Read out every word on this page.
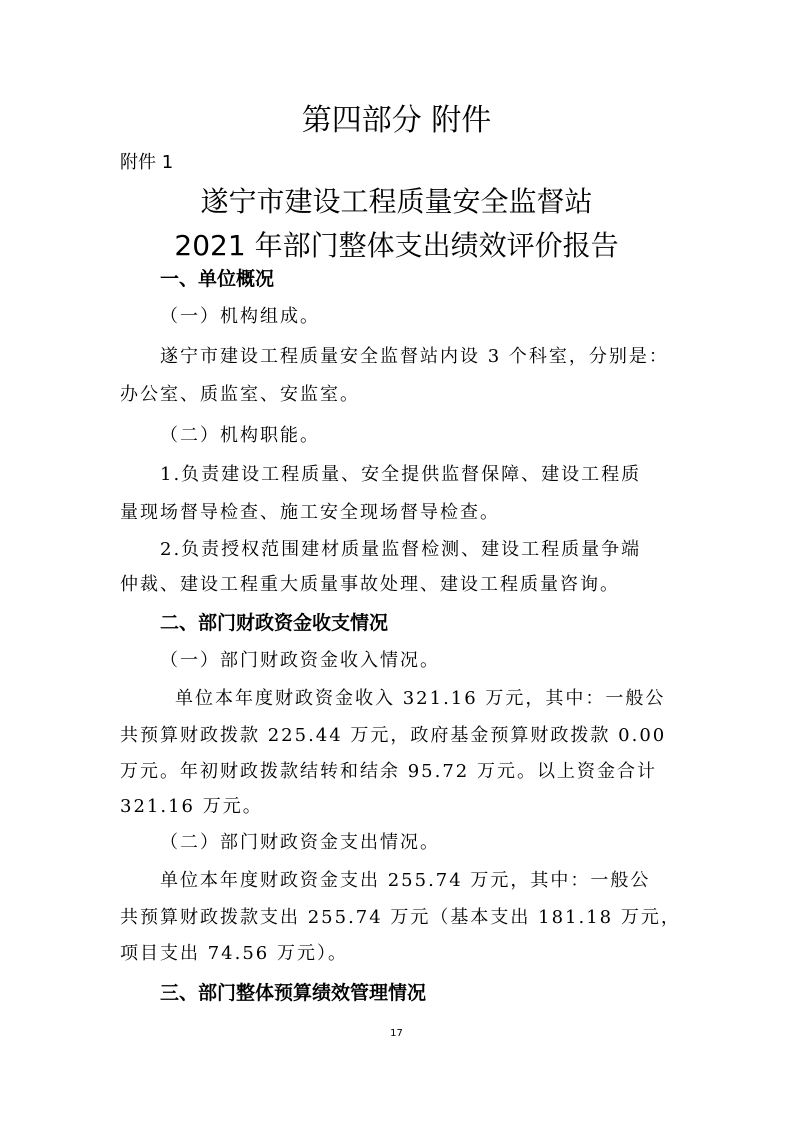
第四部分 附件
附件 1
遂宁市建设工程质量安全监督站
2021 年部门整体支出绩效评价报告
一、单位概况
（一）机构组成。
遂宁市建设工程质量安全监督站内设 3 个科室，分别是：
办公室、质监室、安监室。
（二）机构职能。
1.负责建设工程质量、安全提供监督保障、建设工程质
量现场督导检查、施工安全现场督导检查。
2.负责授权范围建材质量监督检测、建设工程质量争端
仲裁、建设工程重大质量事故处理、建设工程质量咨询。
二、部门财政资金收支情况
（一）部门财政资金收入情况。
单位本年度财政资金收入 321.16 万元，其中：一般公
共预算财政拨款 225.44 万元，政府基金预算财政拨款 0.00
万元。年初财政拨款结转和结余 95.72 万元。以上资金合计
321.16 万元。
（二）部门财政资金支出情况。
单位本年度财政资金支出 255.74 万元，其中：一般公
共预算财政拨款支出 255.74 万元（基本支出 181.18 万元，
项目支出 74.56 万元）。
三、部门整体预算绩效管理情况
17
